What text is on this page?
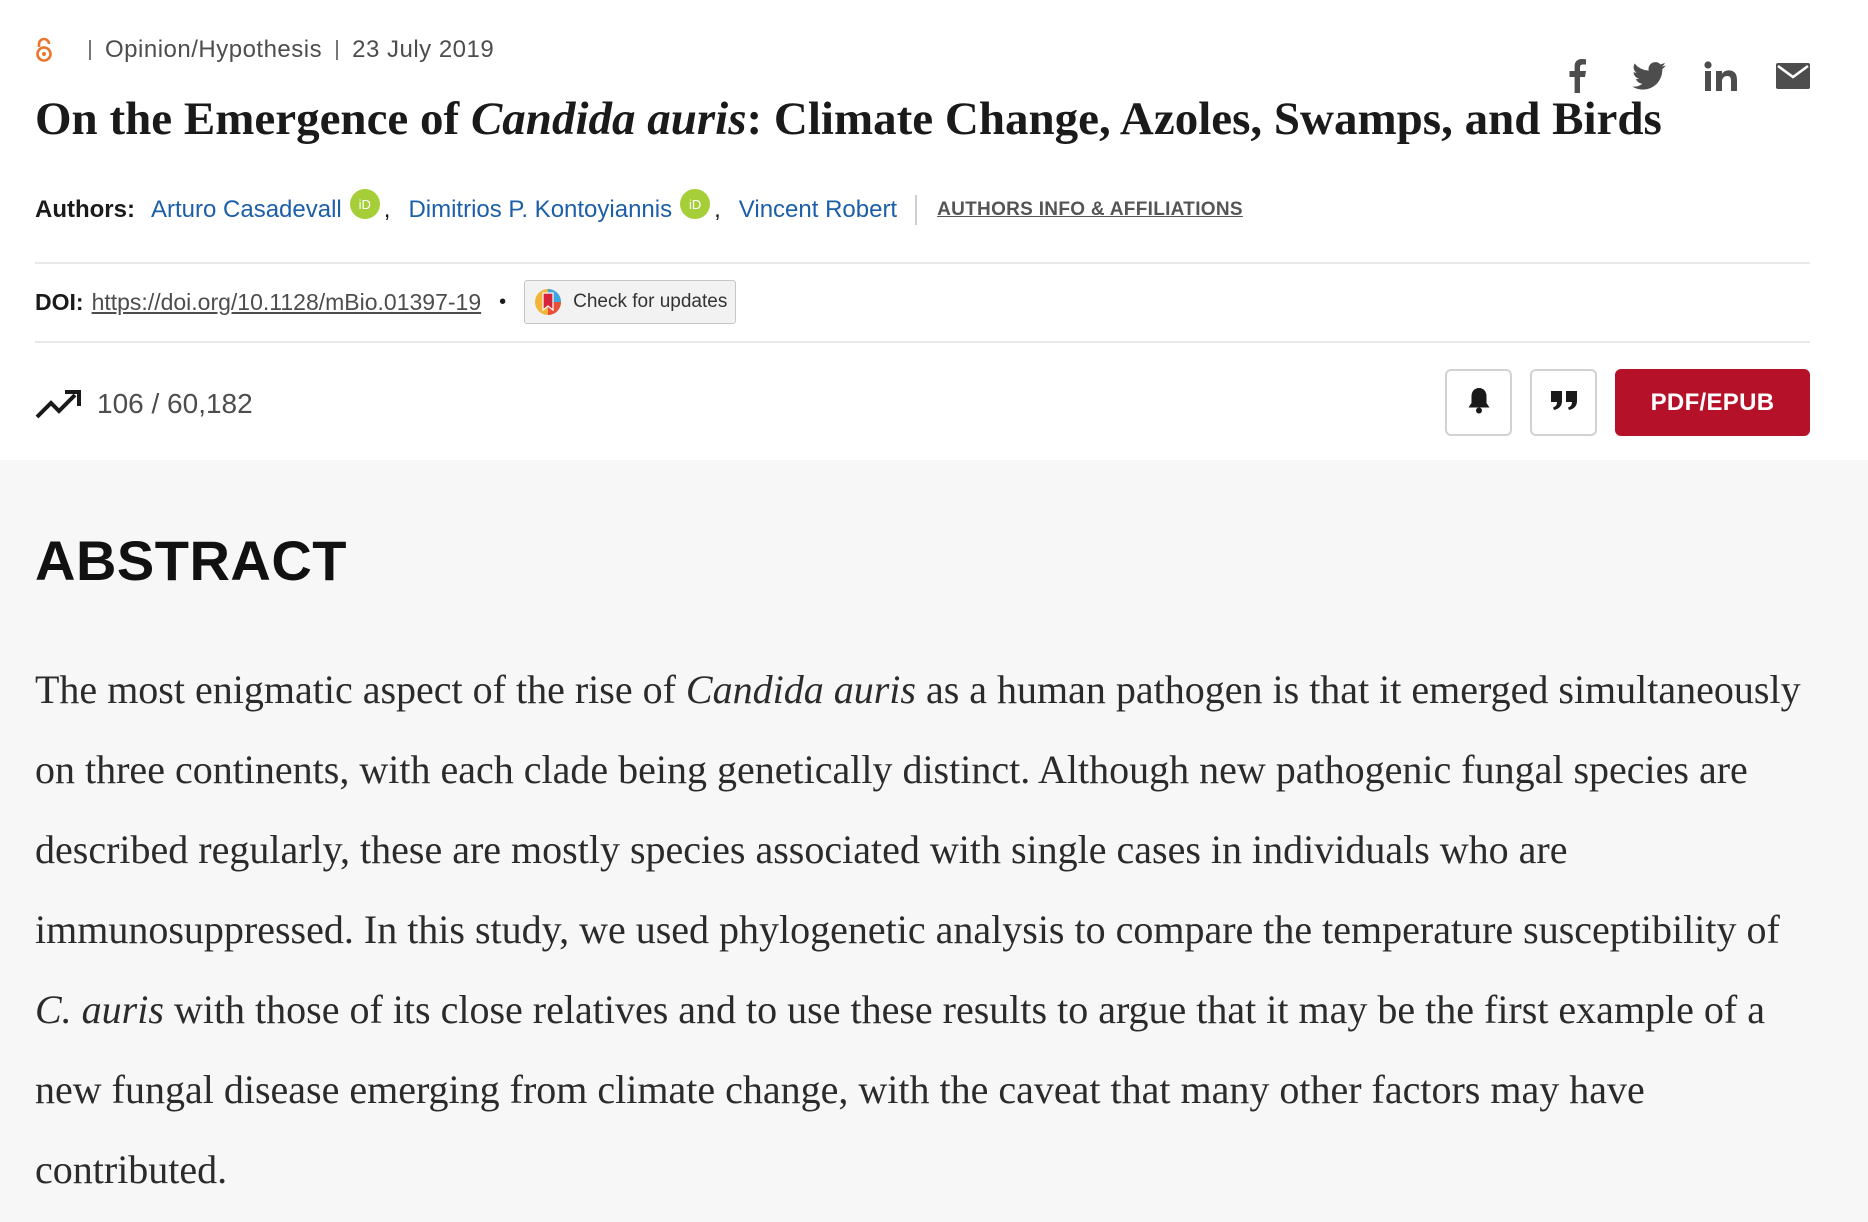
Opinion/Hypothesis 23 July 2019
On the Emergence of Candida auris: Climate Change, Azoles, Swamps, and Birds
Authors: Arturo Casadevall	iD , Dimitrios P. Kontoyiannis	iD , Vincent Robert AUTHORS INFO & AFFILIATIONS
DOI: https://doi.org/10.1128/mBio.01397-19 •	Check for updates
106 / 60,182	PDF/EPUB
ABSTRACT

The most enigmatic aspect of the rise of Candida auris as a human pathogen is that it emerged simultaneously on three continents, with each clade being genetically distinct. Although new pathogenic fungal species are described regularly, these are mostly species associated with single cases in individuals who are immunosuppressed. In this study, we used phylogenetic analysis to compare the temperature susceptibility of C. auris with those of its close relatives and to use these results to argue that it may be the first example of a new fungal disease emerging from climate change, with the caveat that many other factors may have contributed.
